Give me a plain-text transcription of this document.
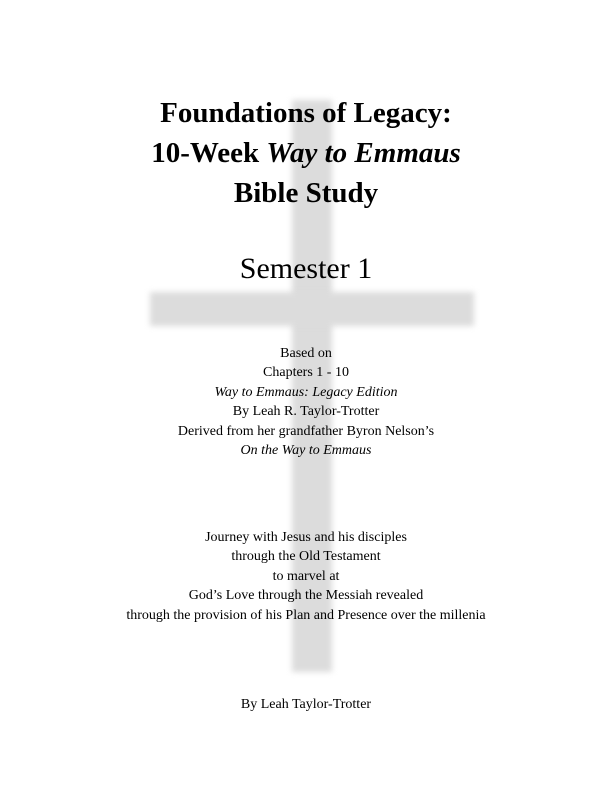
Foundations of Legacy:
10-Week Way to Emmaus
Bible Study
Semester 1
Based on
Chapters 1 - 10
Way to Emmaus: Legacy Edition
By Leah R. Taylor-Trotter
Derived from her grandfather Byron Nelson’s
On the Way to Emmaus
Journey with Jesus and his disciples
through the Old Testament
to marvel at
God’s Love through the Messiah revealed
through the provision of his Plan and Presence over the millenia
By Leah Taylor-Trotter
